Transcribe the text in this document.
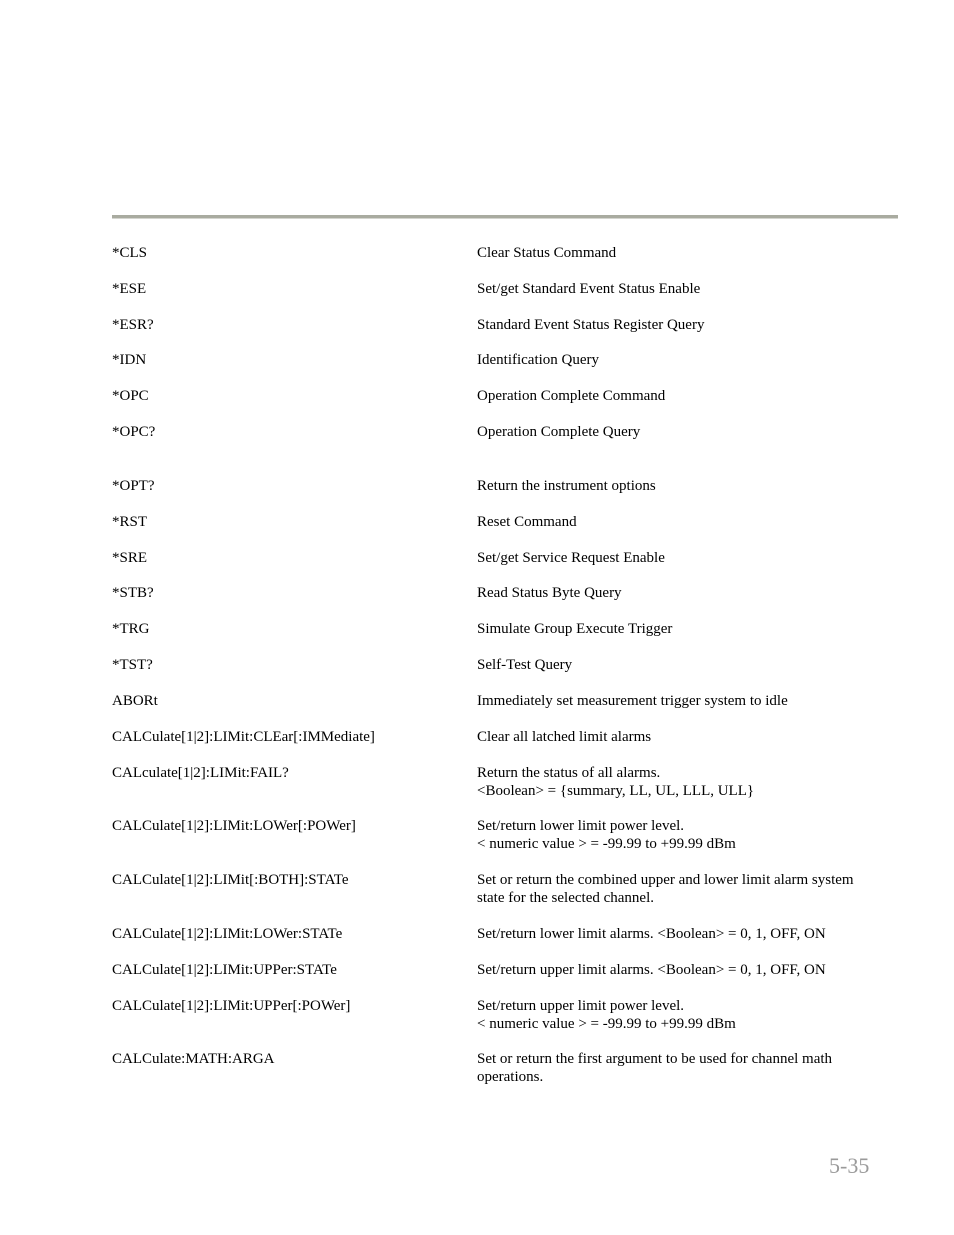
*CLS	Clear Status Command
*ESE	Set/get Standard Event Status Enable
*ESR?	Standard Event Status Register Query
*IDN	Identification Query
*OPC	Operation Complete Command
*OPC?	Operation Complete Query
*OPT?	Return the instrument options
*RST	Reset Command
*SRE	Set/get Service Request Enable
*STB?	Read Status Byte Query
*TRG	Simulate Group Execute Trigger
*TST?	Self-Test Query
ABORt	Immediately set measurement trigger system to idle
CALCulate[1|2]:LIMit:CLEar[:IMMediate]	Clear all latched limit alarms
CALculate[1|2]:LIMit:FAIL?	Return the status of all alarms.
<Boolean> = {summary, LL, UL, LLL, ULL}
CALCulate[1|2]:LIMit:LOWer[:POWer]	Set/return lower limit power level.
< numeric value > = -99.99 to +99.99 dBm
CALCulate[1|2]:LIMit[:BOTH]:STATe	Set or return the combined upper and lower limit alarm system
state for the selected channel.
CALCulate[1|2]:LIMit:LOWer:STATe	Set/return lower limit alarms. <Boolean> = 0, 1, OFF, ON
CALCulate[1|2]:LIMit:UPPer:STATe	Set/return upper limit alarms. <Boolean> = 0, 1, OFF, ON
CALCulate[1|2]:LIMit:UPPer[:POWer]	Set/return upper limit power level.
< numeric value > = -99.99 to +99.99 dBm
CALCulate:MATH:ARGA	Set or return the first argument to be used for channel math
operations.
5-35
